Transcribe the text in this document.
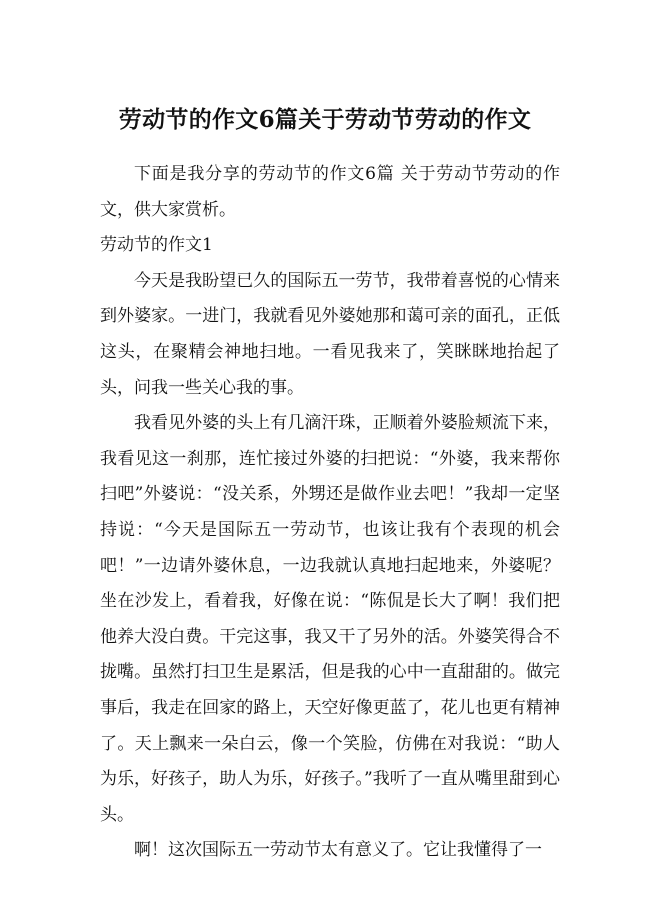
劳动节的作文6篇关于劳动节劳动的作文

下面是我分享的劳动节的作文6篇 关于劳动节劳动的作文，供大家赏析。

劳动节的作文1

今天是我盼望已久的国际五一劳节，我带着喜悦的心情来到外婆家。一进门，我就看见外婆她那和蔼可亲的面孔，正低这头，在聚精会神地扫地。一看见我来了，笑眯眯地抬起了头，问我一些关心我的事。

我看见外婆的头上有几滴汗珠，正顺着外婆脸颊流下来，我看见这一刹那，连忙接过外婆的扫把说：“外婆，我来帮你扫吧”外婆说：“没关系，外甥还是做作业去吧！”我却一定坚持说：“今天是国际五一劳动节，也该让我有个表现的机会吧！”一边请外婆休息，一边我就认真地扫起地来，外婆呢？坐在沙发上，看着我，好像在说：“陈侃是长大了啊！我们把他养大没白费。干完这事，我又干了另外的活。外婆笑得合不拢嘴。虽然打扫卫生是累活，但是我的心中一直甜甜的。做完事后，我走在回家的路上，天空好像更蓝了，花儿也更有精神了。天上飘来一朵白云，像一个笑脸，仿佛在对我说：“助人为乐，好孩子，助人为乐，好孩子。”我听了一直从嘴里甜到心头。

啊！这次国际五一劳动节太有意义了。它让我懂得了一
